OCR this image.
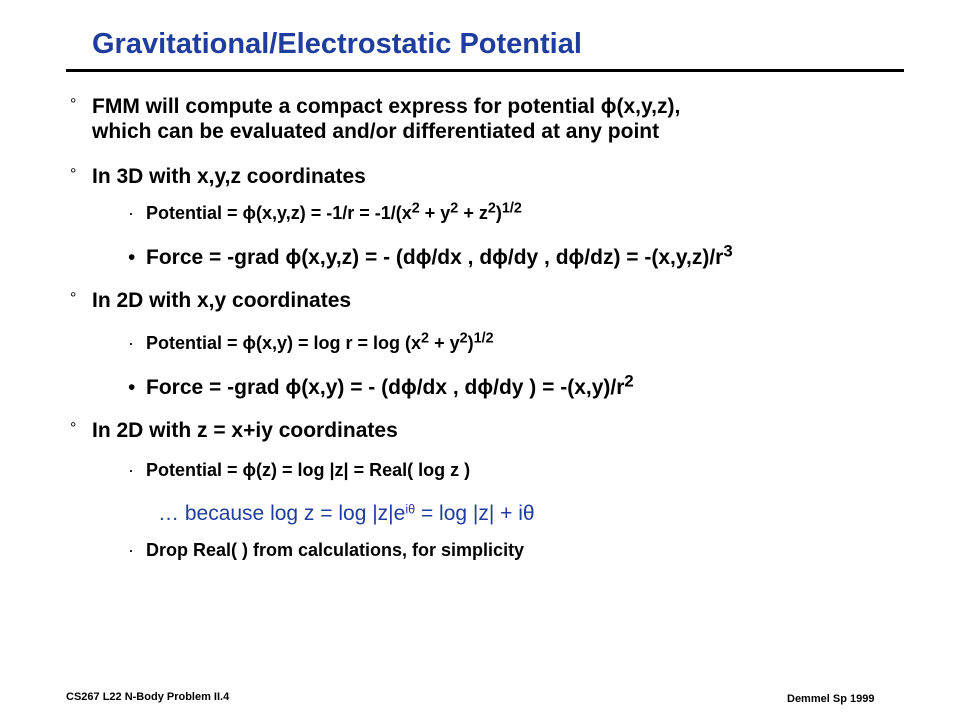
Gravitational/Electrostatic Potential
° FMM will compute a compact express for potential ϕ(x,y,z),
which can be evaluated and/or differentiated at any point
° In 3D with x,y,z coordinates
· Potential = $\phi(x,y,z) = -1/r = -1/(x^2 + y^2 + z^2)^{1/2}$
• Force = -grad ϕ(x,y,z) = - (dϕ/dx , dϕ/dy , $d\phi/dz) = -(x,y,z)/r^3$
° In 2D with x,y coordinates
· Potential = $\phi(x,y) = \log r = \log (x^2 + y^2)^{1/2}$
• Force = -grad ϕ(x,y) = - (dϕ/dx , dϕ/dy ) = $-(x,y)/r^2$
° In 2D with z = x+iy coordinates
· Potential = ϕ(z) = log |z| = Real( log z )
… because $\log z = \log |z|e^{i\theta} = \log |z| + i\theta$
· Drop Real( ) from calculations, for simplicity
CS267 L22 N-Body Problem II.4	Demmel Sp 1999
